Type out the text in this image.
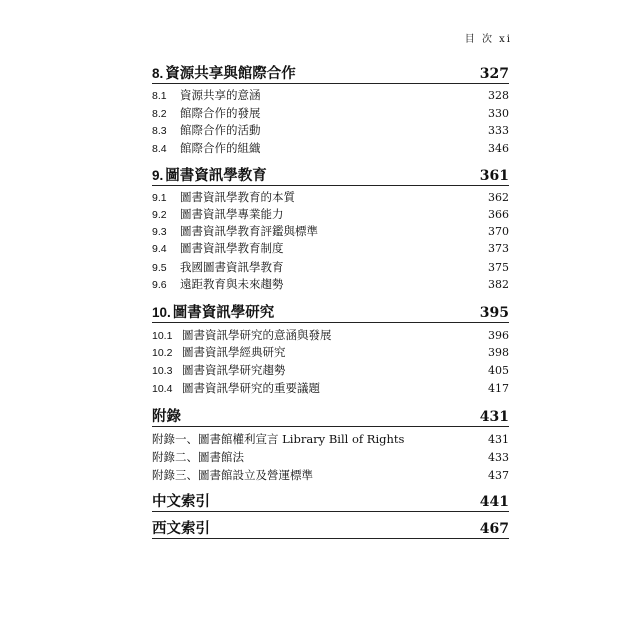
目 次 xi
8. 資源共享與館際合作	327
8.1	資源共享的意涵	328
8.2	館際合作的發展	330
8.3	館際合作的活動	333
8.4	館際合作的組織	346
9. 圖書資訊學教育	361
9.1	圖書資訊學教育的本質	362
9.2	圖書資訊學專業能力	366
9.3	圖書資訊學教育評鑑與標準	370
9.4	圖書資訊學教育制度	373
9.5	我國圖書資訊學教育	375
9.6	遠距教育與未來趨勢	382
10. 圖書資訊學研究	395
10.1 圖書資訊學研究的意涵與發展	396
10.2 圖書資訊學經典研究	398
10.3 圖書資訊學研究趨勢	405
10.4 圖書資訊學研究的重要議題	417
附錄	431
附錄一、圖書館權利宣言 Library Bill of Rights	431
附錄二、圖書館法	433
附錄三、圖書館設立及營運標準	437
中文索引	441
西文索引	467
